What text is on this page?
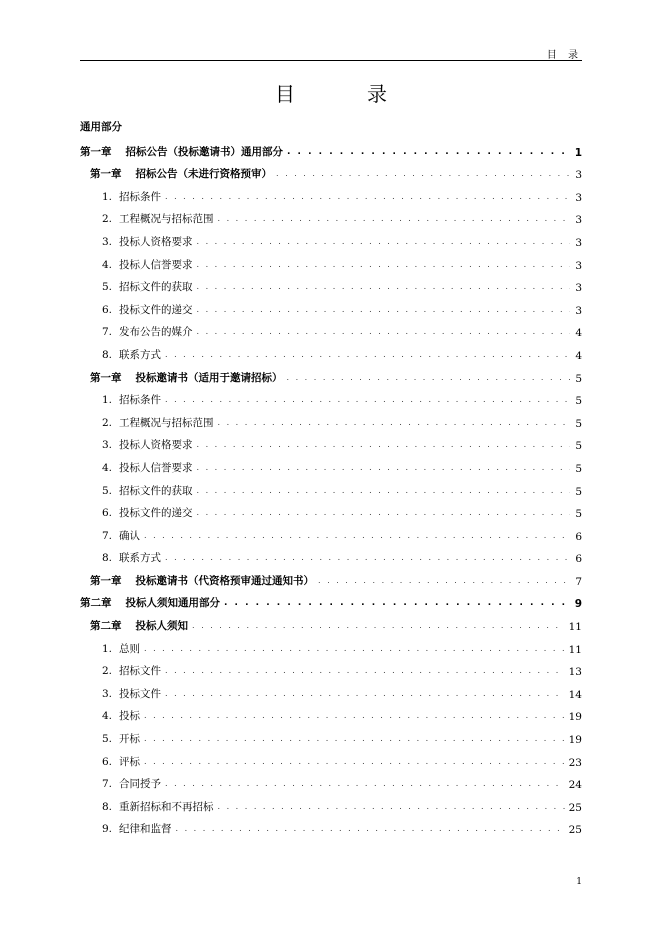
目 录
目　录
通用部分
第一章 招标公告（投标邀请书）通用部分 . . .	1
第一章 招标公告（未进行资格预审） . . .	3
1. 招标条件 . . .	3
2. 工程概况与招标范围 . . .	3
3. 投标人资格要求 . . .	3
4. 投标人信誉要求 . . .	3
5. 招标文件的获取 . . .	3
6. 投标文件的递交 . . .	3
7. 发布公告的媒介 . . .	4
8. 联系方式 . . .	4
第一章 投标邀请书（适用于邀请招标） . . .	5
1. 招标条件 . . .	5
2. 工程概况与招标范围 . . .	5
3. 投标人资格要求 . . .	5
4. 投标人信誉要求 . . .	5
5. 招标文件的获取 . . .	5
6. 投标文件的递交 . . .	5
7. 确认 . . .	6
8. 联系方式 . . .	6
第一章 投标邀请书（代资格预审通过通知书） . . .	7
第二章 投标人须知通用部分 . . .	9
第二章 投标人须知 . . .	11
1. 总则 . . .	11
2. 招标文件 . . .	13
3. 投标文件 . . .	14
4. 投标 . . .	19
5. 开标 . . .	19
6. 评标 . . .	23
7. 合同授予 . . .	24
8. 重新招标和不再招标 . . .	25
9. 纪律和监督 . . .	25
1
